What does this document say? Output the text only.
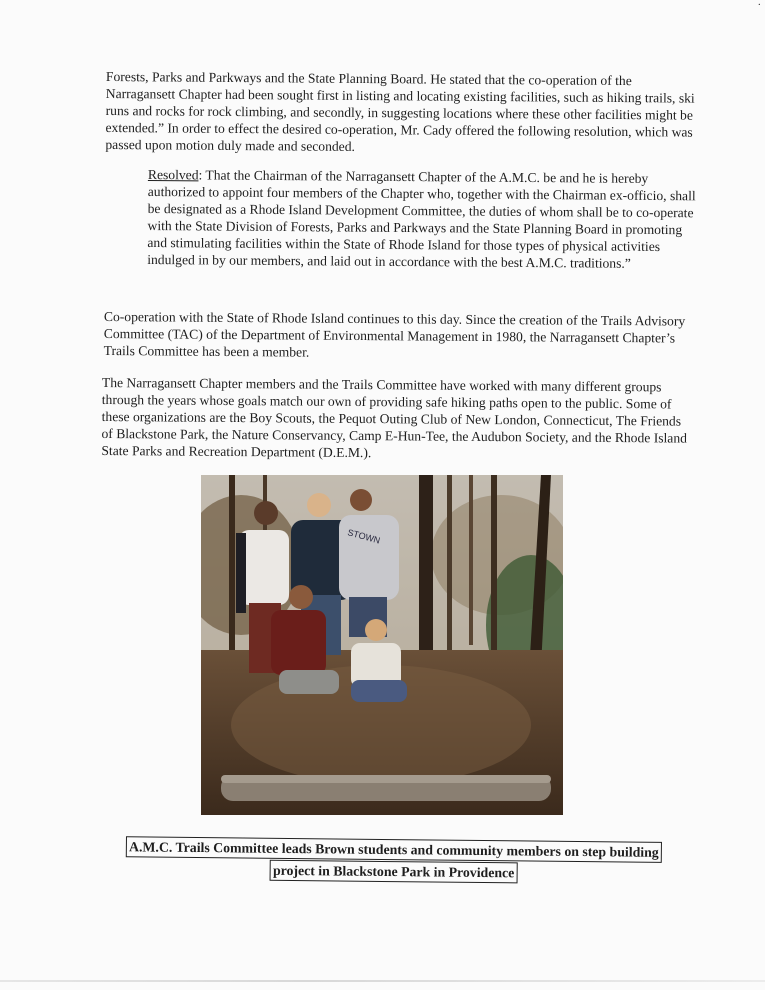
·

Forests, Parks and Parkways and the State Planning Board. He stated that the co-operation of the Narragansett Chapter had been sought first in listing and locating existing facilities, such as hiking trails, ski runs and rocks for rock climbing, and secondly, in suggesting locations where these other facilities might be extended.” In order to effect the desired co-operation, Mr. Cady offered the following resolution, which was passed upon motion duly made and seconded.

Resolved: That the Chairman of the Narragansett Chapter of the A.M.C. be and he is hereby authorized to appoint four members of the Chapter who, together with the Chairman ex-officio, shall be designated as a Rhode Island Development Committee, the duties of whom shall be to co-operate with the State Division of Forests, Parks and Parkways and the State Planning Board in promoting and stimulating facilities within the State of Rhode Island for those types of physical activities indulged in by our members, and laid out in accordance with the best A.M.C. traditions.”

Co-operation with the State of Rhode Island continues to this day. Since the creation of the Trails Advisory Committee (TAC) of the Department of Environmental Management in 1980, the Narragansett Chapter’s Trails Committee has been a member.

The Narragansett Chapter members and the Trails Committee have worked with many different groups through the years whose goals match our own of providing safe hiking paths open to the public. Some of these organizations are the Boy Scouts, the Pequot Outing Club of New London, Connecticut, The Friends of Blackstone Park, the Nature Conservancy, Camp E-Hun-Tee, the Audubon Society, and the Rhode Island State Parks and Recreation Department (D.E.M.).

STOWN
A.M.C. Trails Committee leads Brown students and community members on step building
project in Blackstone Park in Providence
